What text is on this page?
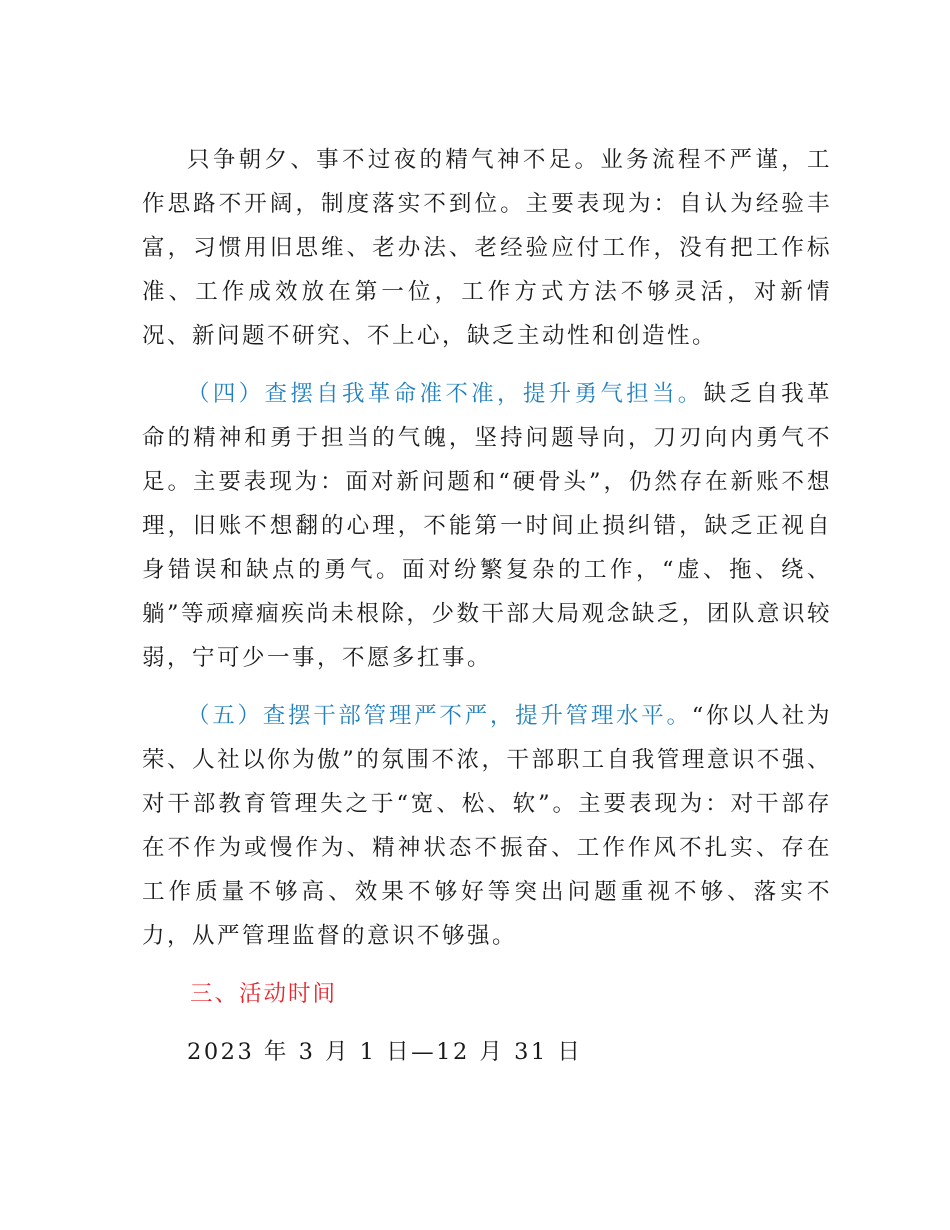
只争朝夕、事不过夜的精气神不足。业务流程不严谨，工作思路不开阔，制度落实不到位。主要表现为：自认为经验丰富，习惯用旧思维、老办法、老经验应付工作，没有把工作标准、工作成效放在第一位，工作方式方法不够灵活，对新情况、新问题不研究、不上心，缺乏主动性和创造性。

（四）查摆自我革命准不准，提升勇气担当。缺乏自我革命的精神和勇于担当的气魄，坚持问题导向，刀刃向内勇气不足。主要表现为：面对新问题和“硬骨头”，仍然存在新账不想理，旧账不想翻的心理，不能第一时间止损纠错，缺乏正视自身错误和缺点的勇气。面对纷繁复杂的工作，“虚、拖、绕、躺”等顽瘴痼疾尚未根除，少数干部大局观念缺乏，团队意识较弱，宁可少一事，不愿多扛事。

（五）查摆干部管理严不严，提升管理水平。“你以人社为荣、人社以你为傲”的氛围不浓，干部职工自我管理意识不强、对干部教育管理失之于“宽、松、软”。主要表现为：对干部存在不作为或慢作为、精神状态不振奋、工作作风不扎实、存在工作质量不够高、效果不够好等突出问题重视不够、落实不力，从严管理监督的意识不够强。

三、活动时间

2023 年 3 月 1 日—12 月 31 日
